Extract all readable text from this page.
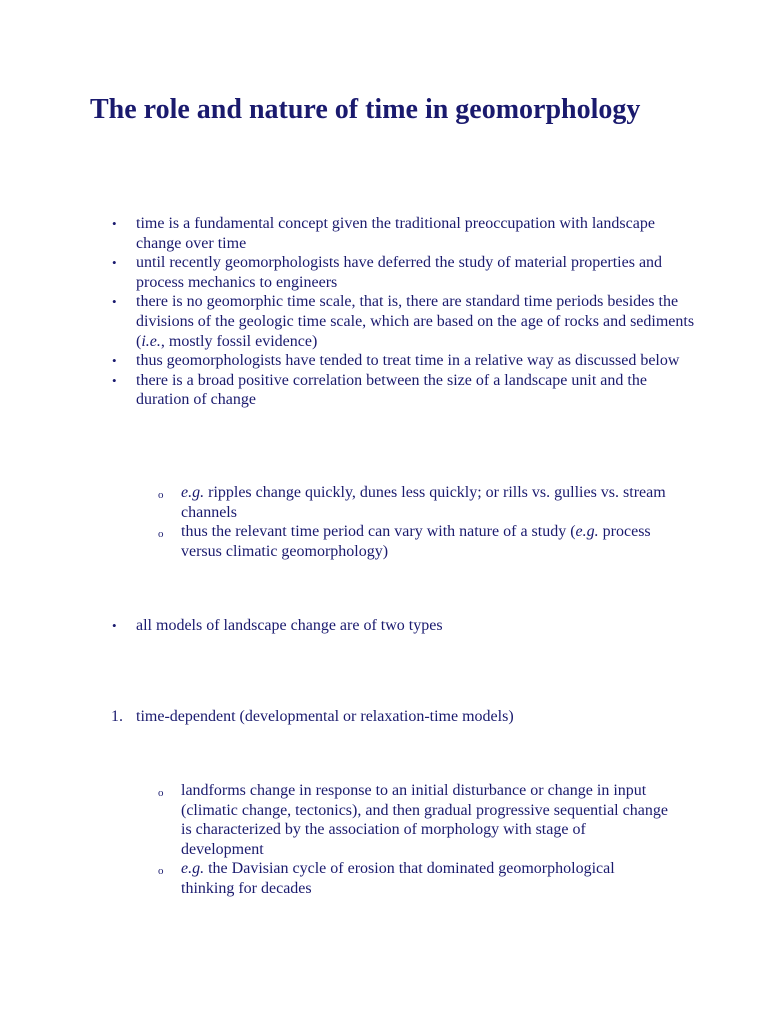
The role and nature of time in geomorphology
• time is a fundamental concept given the traditional preoccupation with landscape change over time
• until recently geomorphologists have deferred the study of material properties and process mechanics to engineers
• there is no geomorphic time scale, that is, there are standard time periods besides the divisions of the geologic time scale, which are based on the age of rocks and sediments (i.e., mostly fossil evidence)
• thus geomorphologists have tended to treat time in a relative way as discussed below
• there is a broad positive correlation between the size of a landscape unit and the duration of change
o e.g. ripples change quickly, dunes less quickly; or rills vs. gullies vs. stream channels
o thus the relevant time period can vary with nature of a study (e.g. process versus climatic geomorphology)
• all models of landscape change are of two types
1. time-dependent (developmental or relaxation-time models)
o landforms change in response to an initial disturbance or change in input (climatic change, tectonics), and then gradual progressive sequential change is characterized by the association of morphology with stage of development
o e.g. the Davisian cycle of erosion that dominated geomorphological thinking for decades
